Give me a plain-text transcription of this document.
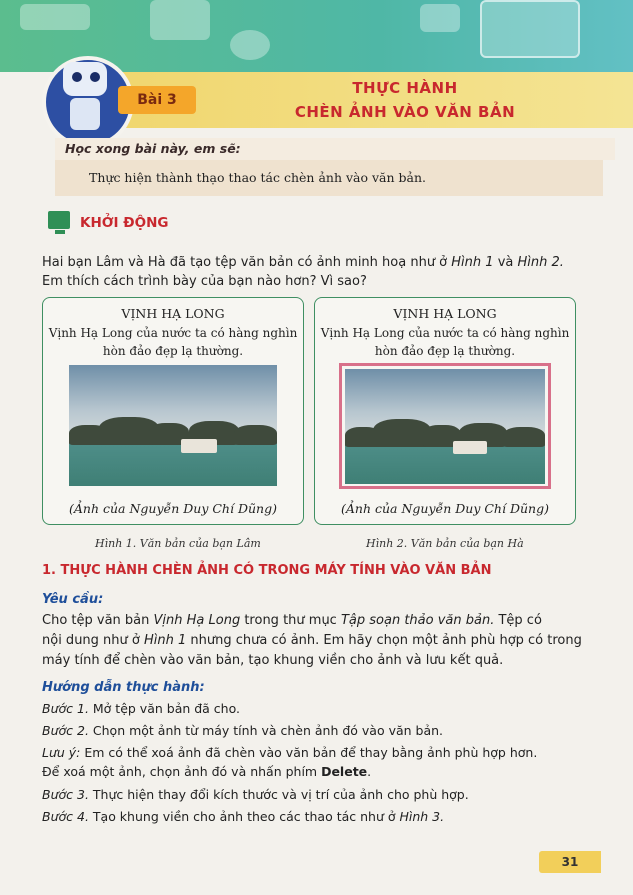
Bài 3
THỰC HÀNH
CHÈN ẢNH VÀO VĂN BẢN
Học xong bài này, em sẽ:
Thực hiện thành thạo thao tác chèn ảnh vào văn bản.
KHỞI ĐỘNG
Hai bạn Lâm và Hà đã tạo tệp văn bản có ảnh minh hoạ như ở Hình 1 và Hình 2.
Em thích cách trình bày của bạn nào hơn? Vì sao?
VỊNH HẠ LONG
Vịnh Hạ Long của nước ta có hàng nghìn
hòn đảo đẹp lạ thường.
(Ảnh của Nguyễn Duy Chí Dũng)
VỊNH HẠ LONG
Vịnh Hạ Long của nước ta có hàng nghìn
hòn đảo đẹp lạ thường.
(Ảnh của Nguyễn Duy Chí Dũng)
Hình 1. Văn bản của bạn Lâm	Hình 2. Văn bản của bạn Hà
1. THỰC HÀNH CHÈN ẢNH CÓ TRONG MÁY TÍNH VÀO VĂN BẢN
Yêu cầu:
Cho tệp văn bản Vịnh Hạ Long trong thư mục Tập soạn thảo văn bản. Tệp có
nội dung như ở Hình 1 nhưng chưa có ảnh. Em hãy chọn một ảnh phù hợp có trong
máy tính để chèn vào văn bản, tạo khung viền cho ảnh và lưu kết quả.
Hướng dẫn thực hành:
Bước 1. Mở tệp văn bản đã cho.
Bước 2. Chọn một ảnh từ máy tính và chèn ảnh đó vào văn bản.
Lưu ý: Em có thể xoá ảnh đã chèn vào văn bản để thay bằng ảnh phù hợp hơn.
Để xoá một ảnh, chọn ảnh đó và nhấn phím Delete.
Bước 3. Thực hiện thay đổi kích thước và vị trí của ảnh cho phù hợp.
Bước 4. Tạo khung viền cho ảnh theo các thao tác như ở Hình 3.
31
